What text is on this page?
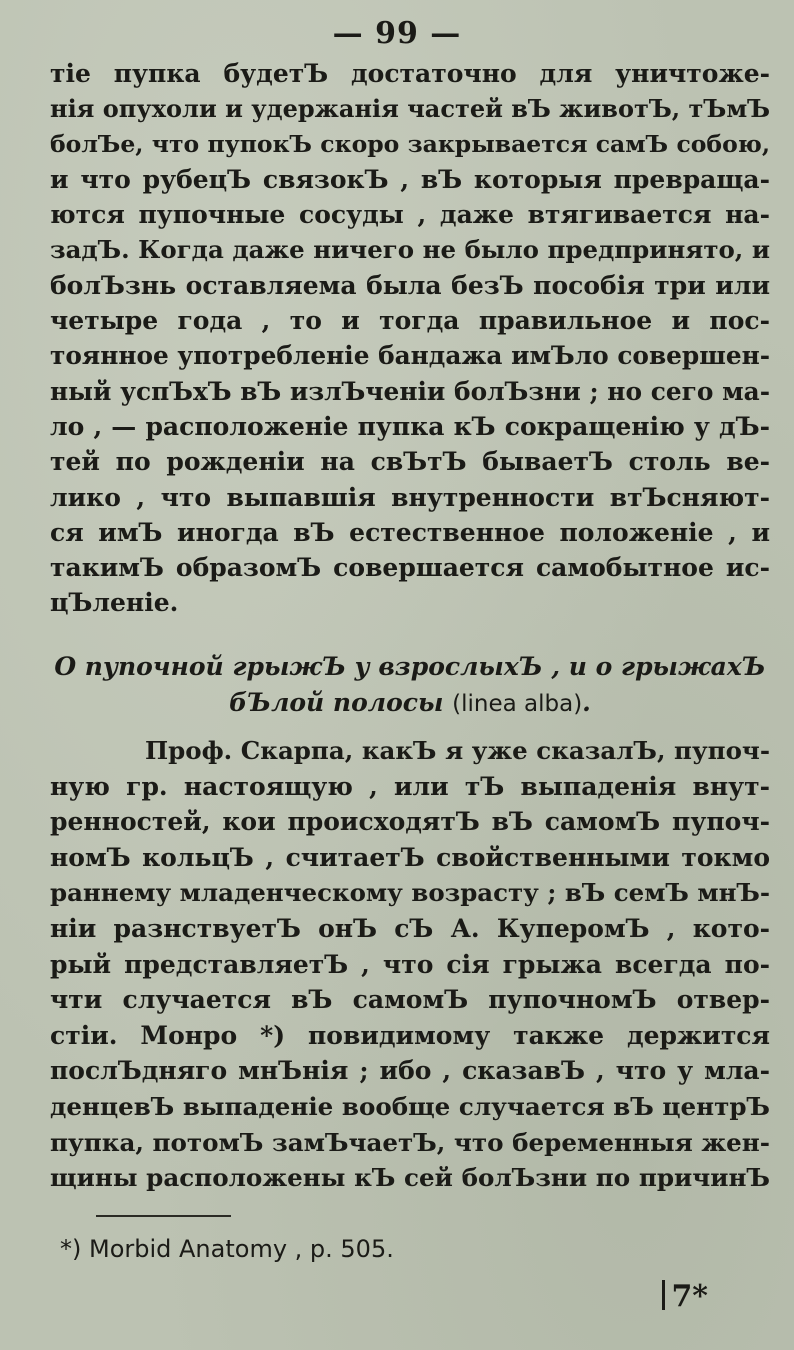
— 99 —
тіе пупка будетЪ достаточно для уничтоже-
нія опухоли и удержанія частей вЪ животЪ, тЪмЪ
болЪе, что пупокЪ скоро закрывается самЪ собою,
и что рубецЪ связокЪ , вЪ которыя превраща-
ются пупочные сосуды , даже втягивается на-
задЪ. Когда даже ничего не было предпринято, и
болЪзнь оставляема была безЪ пособія три или
четыре года , то и тогда правильное и пос-
тоянное употребленіе бандажа имЪло совершен-
ный успЪхЪ вЪ излЪченіи болЪзни ; но сего ма-
ло , — расположеніе пупка кЪ сокращенію у дЪ-
тей по рожденіи на свЪтЪ бываетЪ столь ве-
лико , что выпавшія внутренности втЪсняют-
ся имЪ иногда вЪ естественное положеніе , и
такимЪ образомЪ совершается самобытное ис-
цЪленіе.
О пупочной грыжЪ у взрослыхЪ , и о грыжахЪ
бЪлой полосы (linea alba).
Проф. Скарпа, какЪ я уже сказалЪ, пупоч-
ную гр. настоящую , или тЪ выпаденія внут-
ренностей, кои происходятЪ вЪ самомЪ пупоч-
номЪ кольцЪ , считаетЪ свойственными токмо
раннему младенческому возрасту ; вЪ семЪ мнЪ-
ніи разнствуетЪ онЪ сЪ А. КуперомЪ , кото-
рый представляетЪ , что сія грыжа всегда по-
чти случается вЪ самомЪ пупочномЪ отвер-
стіи. Монро *) повидимому также держится
послЪдняго мнЪнія ; ибо , сказавЪ , что у мла-
денцевЪ выпаденіе вообще случается вЪ центрЪ
пупка, потомЪ замЪчаетЪ, что беременныя жен-
щины расположены кЪ сей болЪзни по причинЪ
*) Morbid Anatomy , p. 505.
7*
